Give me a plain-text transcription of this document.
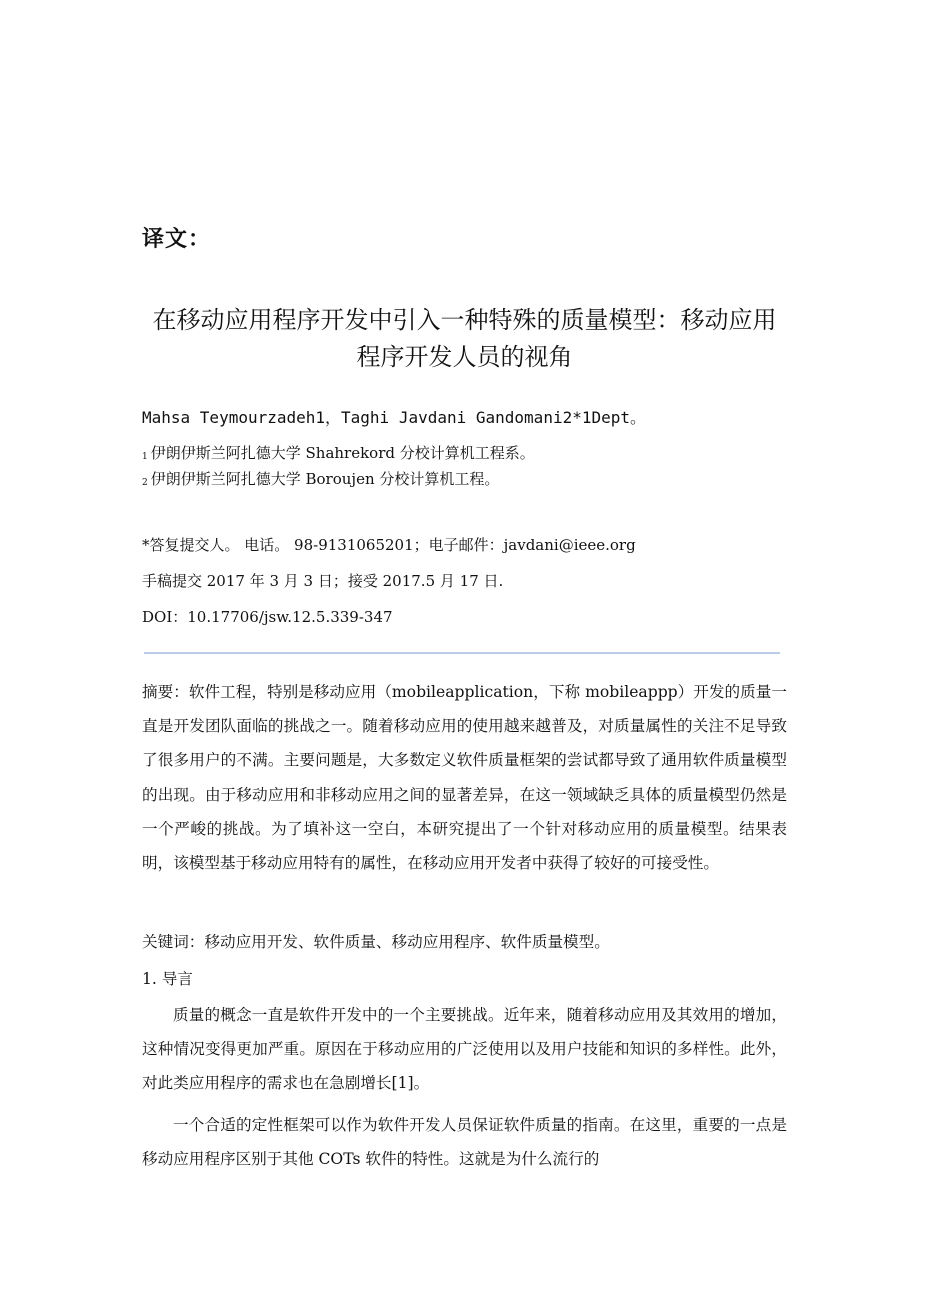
译文：
在移动应用程序开发中引入一种特殊的质量模型：移动应用
程序开发人员的视角
Mahsa Teymourzadeh1，Taghi Javdani Gandomani2*1Dept。
1 伊朗伊斯兰阿扎德大学 Shahrekord 分校计算机工程系。
2 伊朗伊斯兰阿扎德大学 Boroujen 分校计算机工程。
*答复提交人。 电话。 98-9131065201；电子邮件：javdani@ieee.org
手稿提交 2017 年 3 月 3 日；接受 2017.5 月 17 日.
DOI：10.17706/jsw.12.5.339-347

摘要：软件工程，特别是移动应用（mobileapplication，下称 mobileappp）开发的质量一直是开发团队面临的挑战之一。随着移动应用的使用越来越普及，对质量属性的关注不足导致了很多用户的不满。主要问题是，大多数定义软件质量框架的尝试都导致了通用软件质量模型的出现。由于移动应用和非移动应用之间的显著差异，在这一领域缺乏具体的质量模型仍然是一个严峻的挑战。为了填补这一空白，本研究提出了一个针对移动应用的质量模型。结果表明，该模型基于移动应用特有的属性，在移动应用开发者中获得了较好的可接受性。

关键词：移动应用开发、软件质量、移动应用程序、软件质量模型。

1. 导言

质量的概念一直是软件开发中的一个主要挑战。近年来，随着移动应用及其效用的增加，这种情况变得更加严重。原因在于移动应用的广泛使用以及用户技能和知识的多样性。此外，对此类应用程序的需求也在急剧增长[1]。

一个合适的定性框架可以作为软件开发人员保证软件质量的指南。在这里，重要的一点是移动应用程序区别于其他 COTs 软件的特性。这就是为什么流行的
